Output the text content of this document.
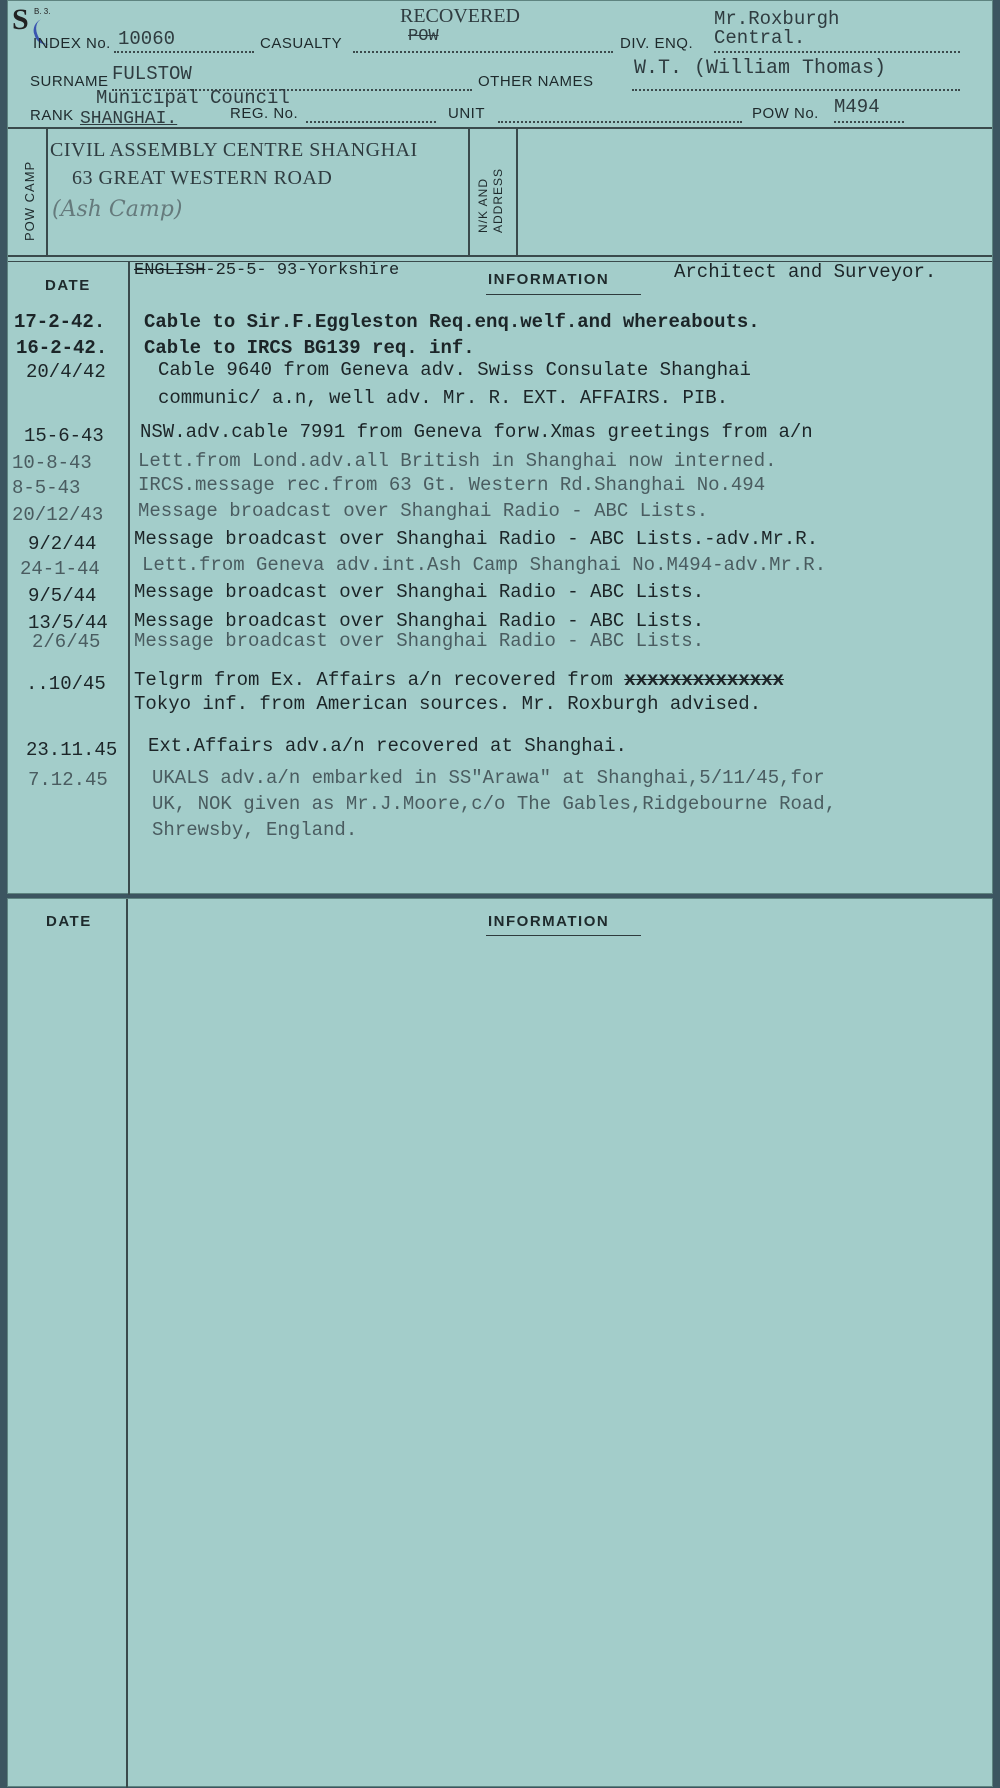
S B. 3.
INDEX No. 10060	CASUALTY
RECOVERED
POW	DIV. ENQ.
Mr.Roxburgh
Central.
SURNAME FULSTOW	OTHER NAMES
W.T. (William Thomas)
RANK
Municipal Council
SHANGHAI.	REG. No.	UNIT	POW No. M494
POW CAMP
CIVIL ASSEMBLY CENTRE SHANGHAI
63 GREAT WESTERN ROAD
(Ash Camp)	N/K AND
ADDRESS
DATE	INFORMATION
ENGLISH-25-5- 93-Yorkshire	Architect and Surveyor.
17-2-42. Cable to Sir.F.Eggleston Req.enq.welf.and whereabouts.
16-2-42. Cable to IRCS BG139 req. inf.
20/4/42	Cable 9640 from Geneva adv. Swiss Consulate Shanghai
communic/ a.n, well adv. Mr. R. EXT. AFFAIRS. PIB.
15-6-43 NSW.adv.cable 7991 from Geneva forw.Xmas greetings from a/n
10-8-43 Lett.from Lond.adv.all British in Shanghai now interned.
8-5-43	IRCS.message rec.from 63 Gt. Western Rd.Shanghai No.494
20/12/43 Message broadcast over Shanghai Radio - ABC Lists.
9/2/44 Message broadcast over Shanghai Radio - ABC Lists.-adv.Mr.R.
24-1-44 Lett.from Geneva adv.int.Ash Camp Shanghai No.M494-adv.Mr.R.
9/5/44 Message broadcast over Shanghai Radio - ABC Lists.
13/5/44 Message broadcast over Shanghai Radio - ABC Lists.
2/6/45 Message broadcast over Shanghai Radio - ABC Lists.
..10/45 Telgrm from Ex. Affairs a/n recovered from xxxxxxxxxxxxxx
Tokyo inf. from American sources. Mr. Roxburgh advised.
23.11.45 Ext.Affairs adv.a/n recovered at Shanghai.
7.12.45 UKALS adv.a/n embarked in SS"Arawa" at Shanghai,5/11/45,for
UK, NOK given as Mr.J.Moore,c/o The Gables,Ridgebourne Road,
Shrewsby, England.
DATE	INFORMATION
